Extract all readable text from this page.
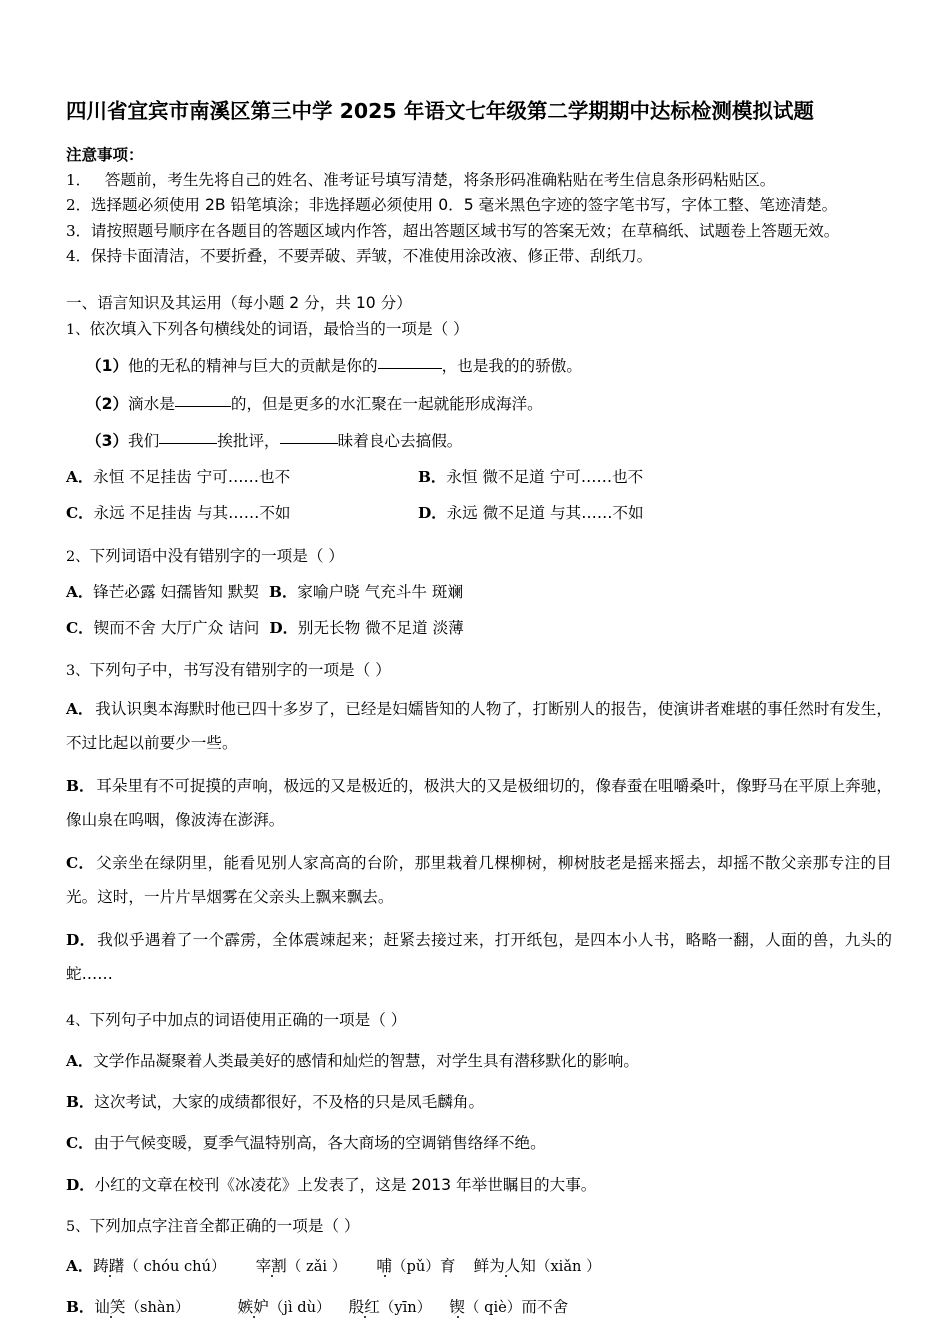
四川省宜宾市南溪区第三中学 2025 年语文七年级第二学期期中达标检测模拟试题
注意事项：
1． 答题前，考生先将自己的姓名、准考证号填写清楚，将条形码准确粘贴在考生信息条形码粘贴区。
2．选择题必须使用 2B 铅笔填涂；非选择题必须使用 0．5 毫米黑色字迹的签字笔书写，字体工整、笔迹清楚。
3．请按照题号顺序在各题目的答题区域内作答，超出答题区域书写的答案无效；在草稿纸、试题卷上答题无效。
4．保持卡面清洁，不要折叠，不要弄破、弄皱，不准使用涂改液、修正带、刮纸刀。
一、语言知识及其运用（每小题 2 分，共 10 分）
1、依次填入下列各句横线处的词语，最恰当的一项是（ ）
（1）他的无私的精神与巨大的贡献是你的	，也是我的的骄傲。
（2）滴水是	的，但是更多的水汇聚在一起就能形成海洋。
（3）我们	挨批评，	昧着良心去搞假。
A．永恒 不足挂齿 宁可……也不	B．永恒 微不足道 宁可……也不
C．永远 不足挂齿 与其……不如	D．永远 微不足道 与其……不如
2、下列词语中没有错别字的一项是（ ）
A．锋芒必露 妇孺皆知 默契 B．家喻户晓 气充斗牛 斑斓
C．锲而不舍 大厅广众 诘问 D．别无长物 微不足道 淡薄
3、下列句子中，书写没有错别字的一项是（ ）
A． 我认识奥本海默时他已四十多岁了，已经是妇嬬皆知的人物了，打断别人的报告，使演讲者难堪的事任然时有发生，不过比起以前要少一些。
B． 耳朵里有不可捉摸的声响，极远的又是极近的，极洪大的又是极细切的，像春蚕在咀嚼桑叶，像野马在平原上奔驰，像山泉在呜咽，像波涛在澎湃。
C． 父亲坐在绿阴里，能看见别人家高高的台阶，那里栽着几棵柳树，柳树肢老是摇来摇去，却摇不散父亲那专注的目光。这时，一片片旱烟雾在父亲头上飘来飘去。
D． 我似乎遇着了一个霹雳，全体震竦起来；赶紧去接过来，打开纸包，是四本小人书，略略一翻，人面的兽，九头的蛇……
4、下列句子中加点的词语使用正确的一项是（ ）
A．文学作品凝聚着人类最美好的感情和灿烂的智慧，对学生具有潜移默化的影响。
B．这次考试，大家的成绩都很好，不及格的只是凤毛麟角。
C．由于气候变暖，夏季气温特别高，各大商场的空调销售络绎不绝。
D．小红的文章在校刊《冰凌花》上发表了，这是 2013 年举世瞩目的大事。
5、下列加点字注音全都正确的一项是（ ）
A．踌躇（ chóu chú） 宰割（ zǎi ） 哺（pǔ）育 鲜为人知（xiǎn ）
B．讪笑（shàn）	嫉妒（jì dù） 殷红（yīn） 锲（ qiè）而不舍
